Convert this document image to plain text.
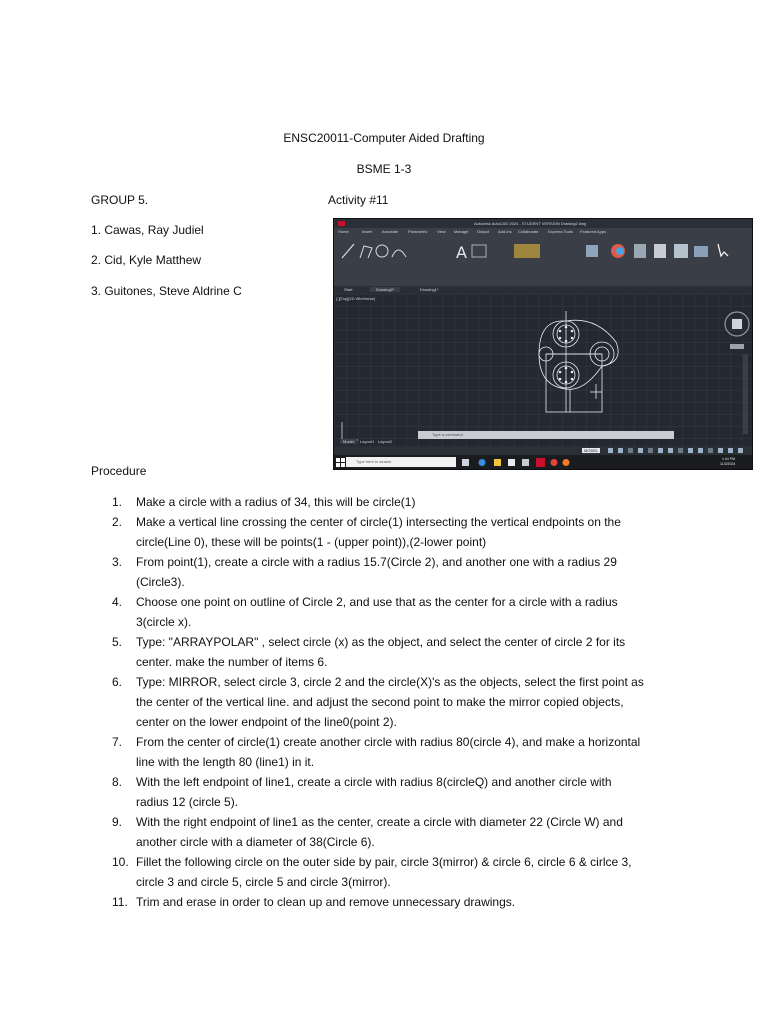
ENSC20011-Computer Aided Drafting
BSME 1-3
GROUP 5.	Activity #11
1. Cawas, Ray Judiel
2. Cid, Kyle Matthew
3. Guitones, Steve Aldrine C
Autodesk AutoCAD 2024 - STUDENT VERSION Drawing2.dwg
Home	Insert Annotate Parametric View Manage Output Add-ins Collaborate Express Tools Featured Apps
A
Start	Drawing2*	Drawing1*
[-][Top][2D Wireframe]
Type a command
Model	Layout1 Layout2
MODEL
Type here to search	1:44 PM
11/3/2024
Procedure
1.	Make a circle with a radius of 34, this will be circle(1)
2.	Make a vertical line crossing the center of circle(1) intersecting the vertical endpoints on the
circle(Line 0), these will be points(1 - (upper point)),(2-lower point)
3.	From point(1), create a circle with a radius 15.7(Circle 2), and another one with a radius 29
(Circle3).
4.	Choose one point on outline of Circle 2, and use that as the center for a circle with a radius
3(circle x).
5.	Type: "ARRAYPOLAR" , select circle (x) as the object, and select the center of circle 2 for its
center. make the number of items 6.
6.	Type: MIRROR, select circle 3, circle 2 and the circle(X)'s as the objects, select the first point as
the center of the vertical line. and adjust the second point to make the mirror copied objects,
center on the lower endpoint of the line0(point 2).
7.	From the center of circle(1) create another circle with radius 80(circle 4), and make a horizontal
line with the length 80 (line1) in it.
8.	With the left endpoint of line1, create a circle with radius 8(circleQ) and another circle with
radius 12 (circle 5).
9.	With the right endpoint of line1 as the center, create a circle with diameter 22 (Circle W) and
another circle with a diameter of 38(Circle 6).
10. Fillet the following circle on the outer side by pair, circle 3(mirror) & circle 6, circle 6 & cirlce 3,
circle 3 and circle 5, circle 5 and circle 3(mirror).
11. Trim and erase in order to clean up and remove unnecessary drawings.
